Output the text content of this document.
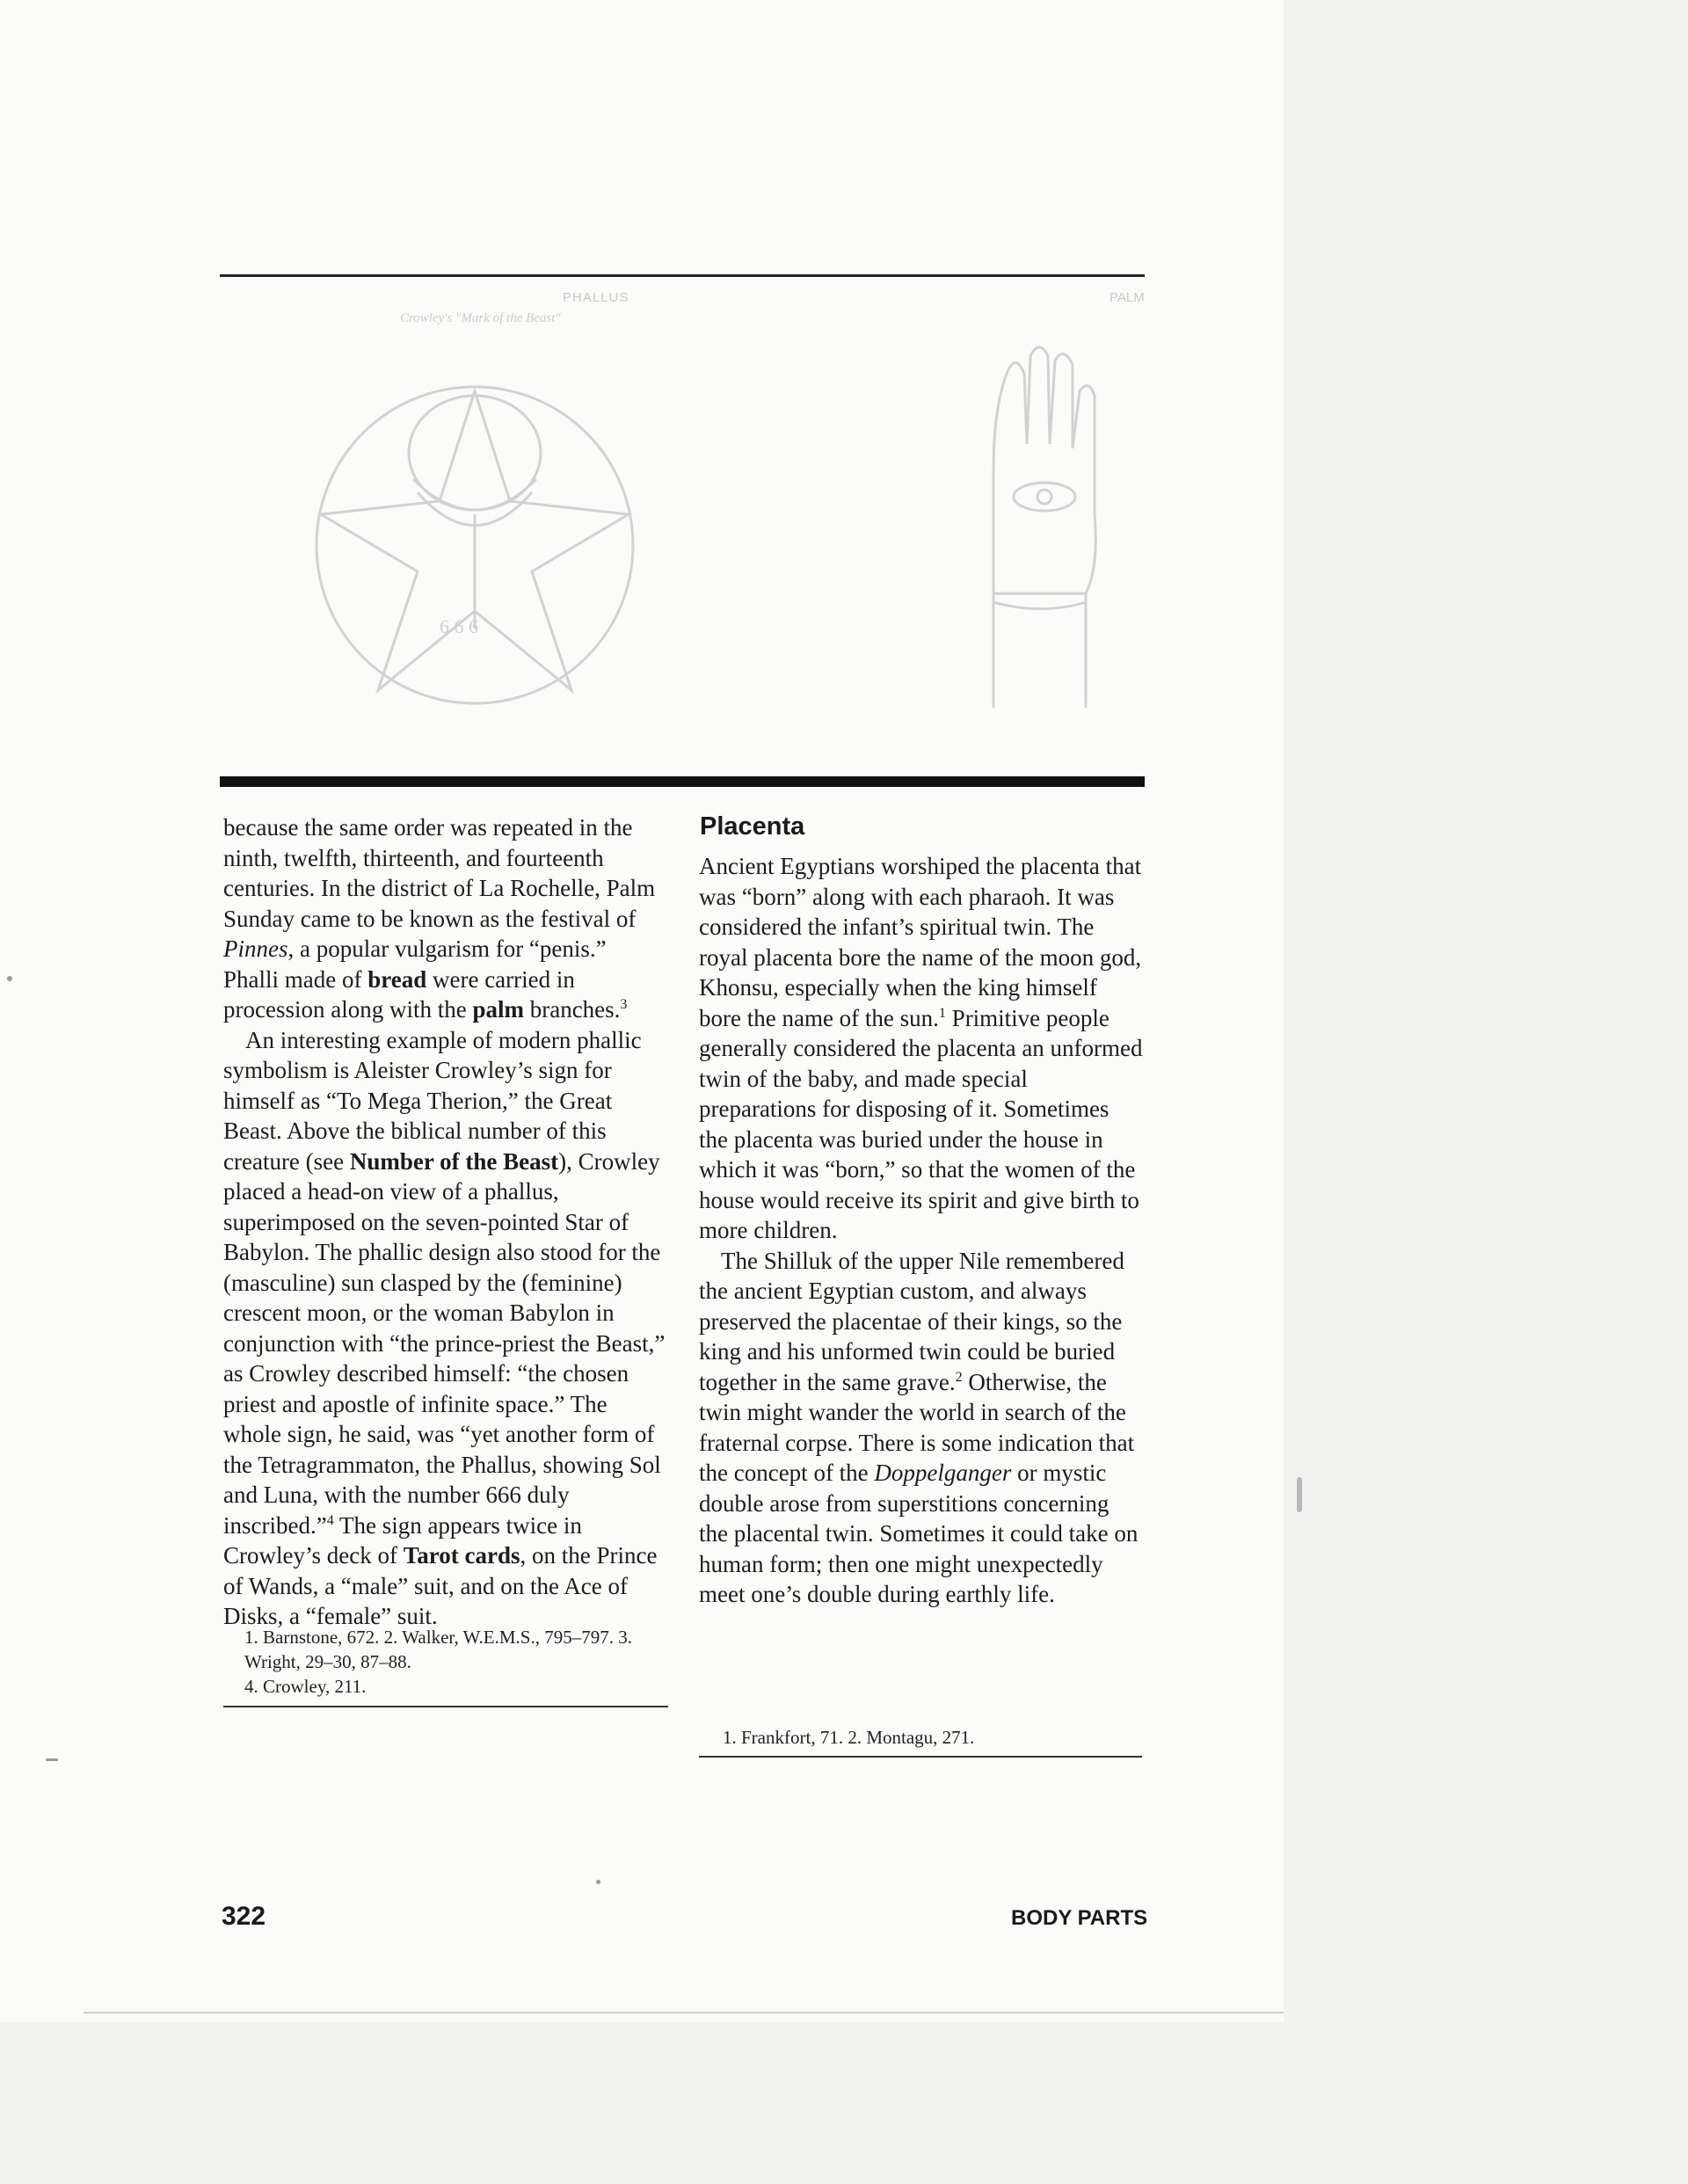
PHALLUS
Crowley's "Mark of the Beast"
PALM
6 6 6

because the same order was repeated in the ninth, twelfth, thirteenth, and fourteenth centuries. In the district of La Rochelle, Palm Sunday came to be known as the festival of Pinnes, a popular vulgarism for “penis.” Phalli made of bread were carried in procession along with the palm branches.$^3$

An interesting example of modern phallic symbolism is Aleister Crowley’s sign for himself as “To Mega Therion,” the Great Beast. Above the biblical number of this creature (see Number of the Beast), Crowley placed a head-on view of a phallus, superimposed on the seven-pointed Star of Babylon. The phallic design also stood for the (masculine) sun clasped by the (feminine) crescent moon, or the woman Babylon in conjunction with “the prince-priest the Beast,” as Crowley described himself: “the chosen priest and apostle of infinite space.” The whole sign, he said, was “yet another form of the Tetragrammaton, the Phallus, showing Sol and Luna, with the number 666 duly inscribed.”$^4$ The sign appears twice in Crowley’s deck of Tarot cards, on the Prince of Wands, a “male” suit, and on the Ace of Disks, a “female” suit.

Placenta

Ancient Egyptians worshiped the placenta that was “born” along with each pharaoh. It was considered the infant’s spiritual twin. The royal placenta bore the name of the moon god, Khonsu, especially when the king himself bore the name of the sun.$^1$ Primitive people generally considered the placenta an unformed twin of the baby, and made special preparations for disposing of it. Sometimes the placenta was buried under the house in which it was “born,” so that the women of the house would receive its spirit and give birth to more children.

The Shilluk of the upper Nile remembered the ancient Egyptian custom, and always preserved the placentae of their kings, so the king and his unformed twin could be buried together in the same grave.$^2$ Otherwise, the twin might wander the world in search of the fraternal corpse. There is some indication that the concept of the Doppelganger or mystic double arose from superstitions concerning the placental twin. Sometimes it could take on human form; then one might unexpectedly meet one’s double during earthly life.

1. Barnstone, 672. 2. Walker, W.E.M.S., 795–797. 3. Wright, 29–30, 87–88.
4. Crowley, 211.
1. Frankfort, 71. 2. Montagu, 271.
322	BODY PARTS
